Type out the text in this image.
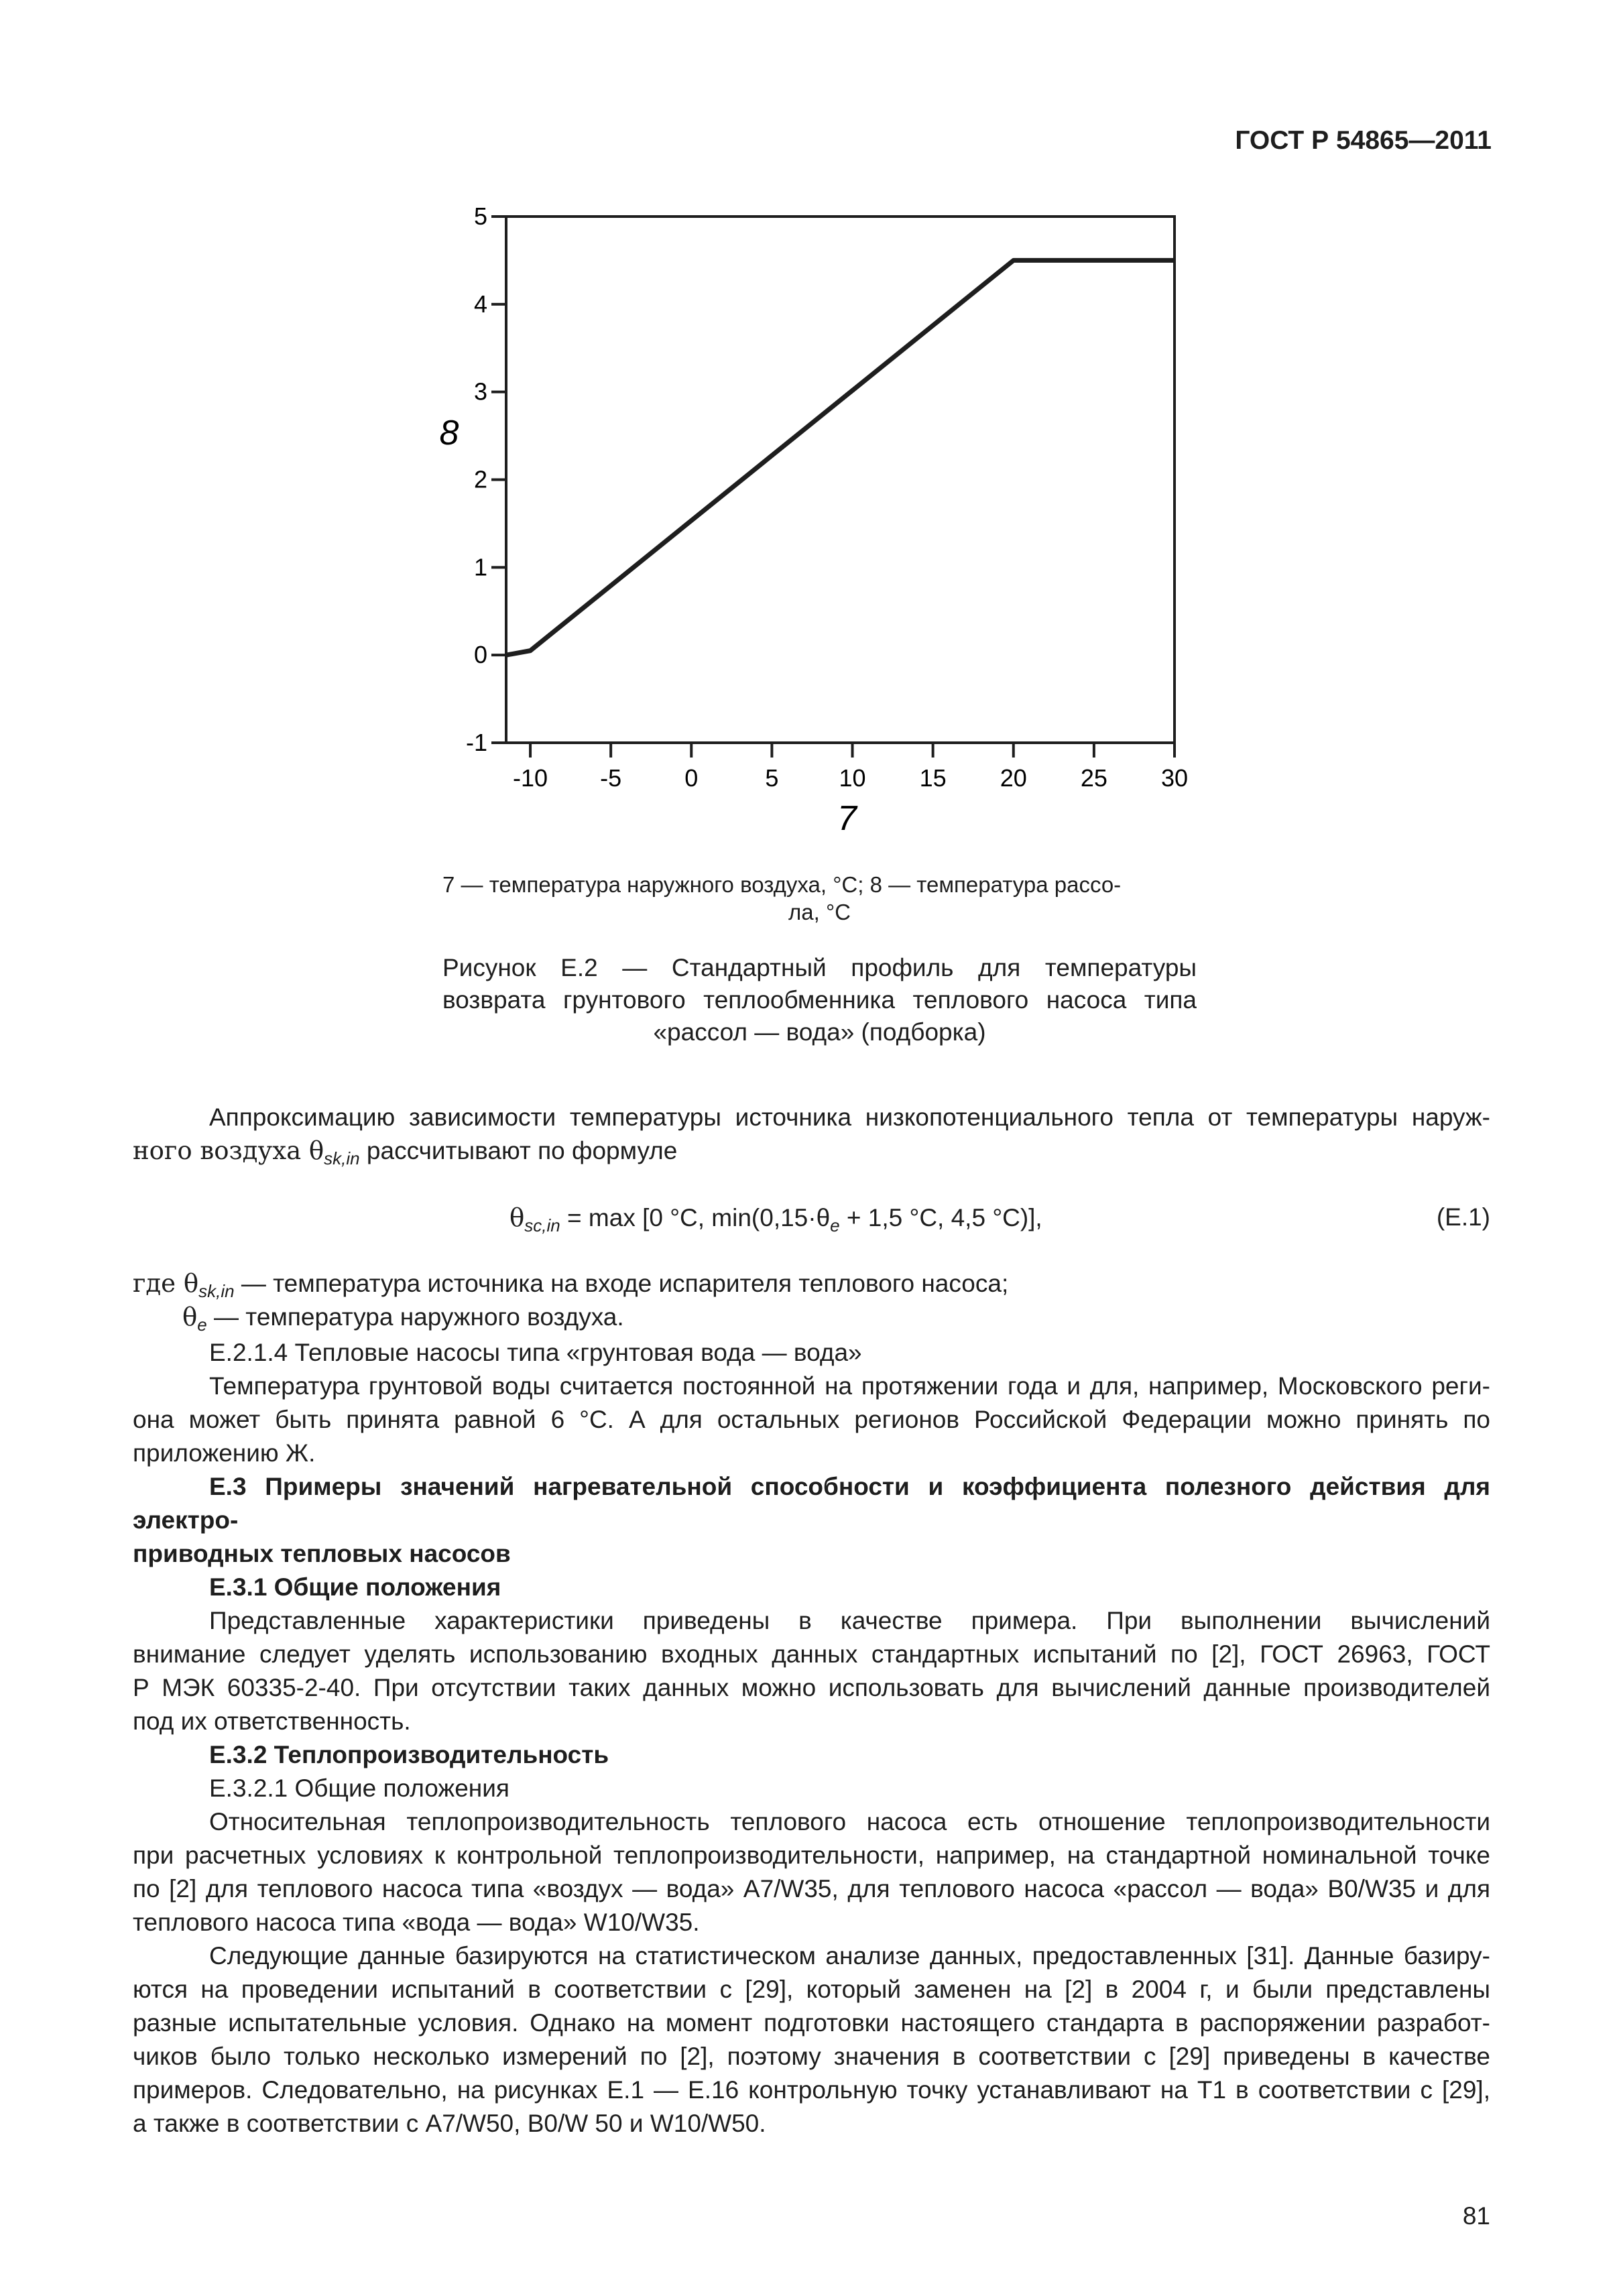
ГОСТ Р 54865—2011
-10 -5	0	5	10 15 20 25 30
5
4
3
2
1
0
-1
7
8
7 — температура наружного воздуха, °С; 8 — температура рассо-
ла, °С
Рисунок Е.2 — Стандартный профиль для температуры
возврата грунтового теплообменника теплового насоса типа
«рассол — вода» (подборка)

Аппроксимацию зависимости температуры источника низкопотенциального тепла от температуры наруж-

ного воздуха $\theta_{sk,in}$ рассчитывают по формуле

$\theta_{sc,in} = \max [0$ °C, $\min(0,15\cdot\theta_e + 1,5$ °C, 4,5 °C)],	(Е.1)
где $\theta_{sk,in}$ — температура источника на входе испарителя теплового насоса;
$\theta_e$ — температура наружного воздуха.

Е.2.1.4 Тепловые насосы типа «грунтовая вода — вода»

Температура грунтовой воды считается постоянной на протяжении года и для, например, Московского реги-

она может быть принята равной 6 °С. А для остальных регионов Российской Федерации можно принять по

приложению Ж.

Е.3 Примеры значений нагревательной способности и коэффициента полезного действия для электро-

приводных тепловых насосов

Е.3.1 Общие положения

Представленные характеристики приведены в качестве примера. При выполнении вычислений

внимание следует уделять использованию входных данных стандартных испытаний по [2], ГОСТ 26963, ГОСТ

Р МЭК 60335-2-40. При отсутствии таких данных можно использовать для вычислений данные производителей

под их ответственность.

Е.3.2 Теплопроизводительность

Е.3.2.1 Общие положения

Относительная теплопроизводительность теплового насоса есть отношение теплопроизводительности

при расчетных условиях к контрольной теплопроизводительности, например, на стандартной номинальной точке

по [2] для теплового насоса типа «воздух — вода» A7/W35, для теплового насоса «рассол — вода» B0/W35 и для

теплового насоса типа «вода — вода» W10/W35.

Следующие данные базируются на статистическом анализе данных, предоставленных [31]. Данные базиру-

ются на проведении испытаний в соответствии с [29], который заменен на [2] в 2004 г, и были представлены

разные испытательные условия. Однако на момент подготовки настоящего стандарта в распоряжении разработ-

чиков было только несколько измерений по [2], поэтому значения в соответствии с [29] приведены в качестве

примеров. Следовательно, на рисунках Е.1 — Е.16 контрольную точку устанавливают на T1 в соответствии с [29],

а также в соответствии с A7/W50, B0/W 50 и W10/W50.

81
